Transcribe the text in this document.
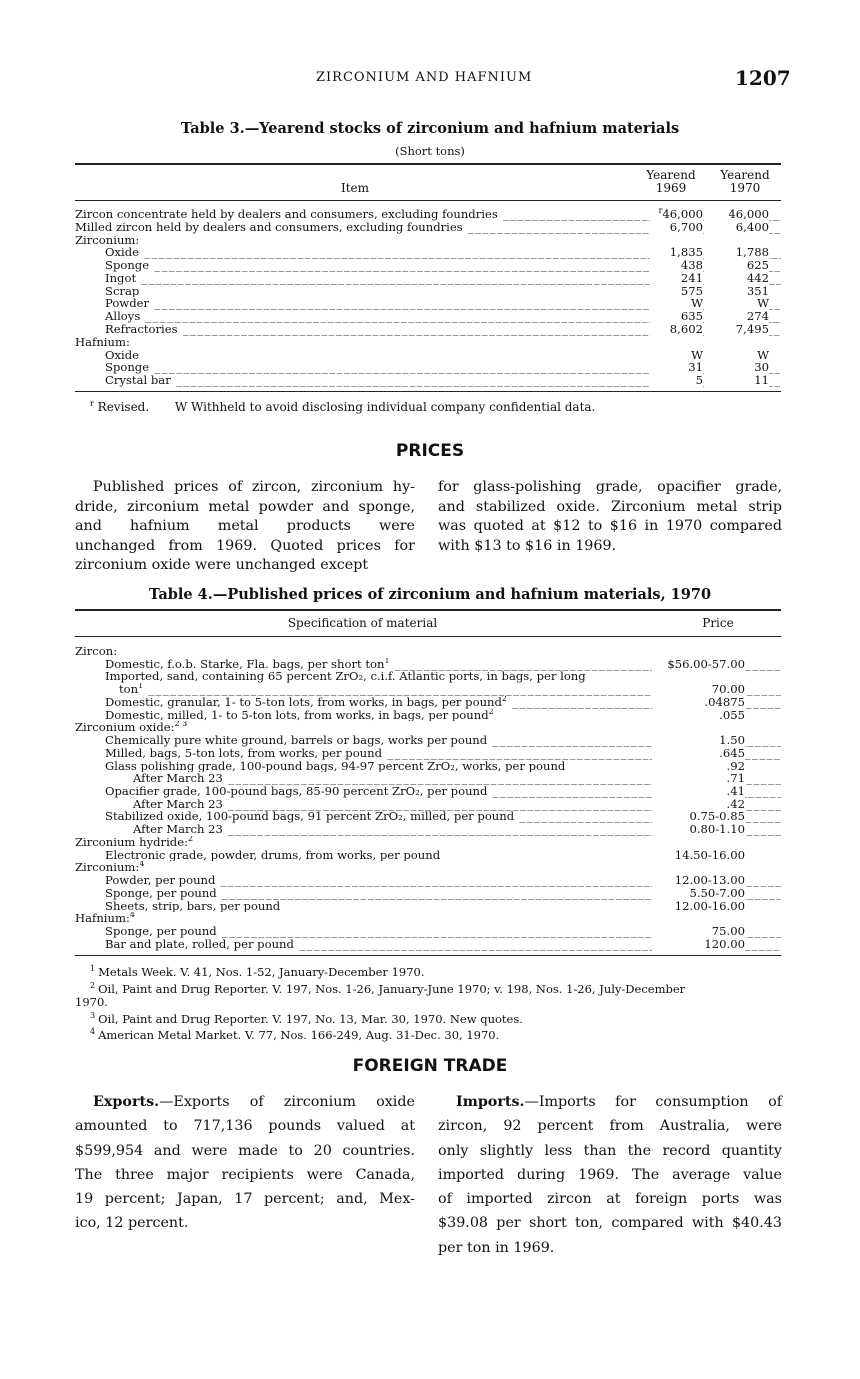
ZIRCONIUM AND HAFNIUM	1207
Table 3.—Yearend stocks of zirconium and hafnium materials
(Short tons)
Item
Yearend
1969
Yearend
1970
Zircon concentrate held by dealers and consumers, excluding foundries _____	$^r$46,000	46,000
Milled zircon held by dealers and consumers, excluding foundries _____	6,700	6,400
Zirconium:
Oxide _____	1,835	1,788
Sponge _____	438	625
Ingot _____	241	442
Scrap _____	575	351
Powder _____	W	W
Alloys _____	635	274
Refractories _____	8,602	7,495
Hafnium:
Oxide _____	W	W
Sponge _____	31	30
Crystal bar _____	5	11
$^r$ Revised. W Withheld to avoid disclosing individual company confidential data.
PRICES
Published prices of zircon, zirconium hy-
dride, zirconium metal powder and sponge,
and hafnium metal products were
unchanged from 1969. Quoted prices for
zirconium oxide were unchanged except
for glass-polishing grade, opacifier grade,
and stabilized oxide. Zirconium metal strip
was quoted at $12 to $16 in 1970 compared
with $13 to $16 in 1969.
Table 4.—Published prices of zirconium and hafnium materials, 1970
Specification of material	Price
Zircon:
Domestic, f.o.b. Starke, Fla. bags, per short ton$^1$ _____	$56.00-57.00
Imported, sand, containing 65 percent ZrO₂, c.i.f. Atlantic ports, in bags, per long
ton$^1$ _____	70.00
Domestic, granular, 1- to 5-ton lots, from works, in bags, per pound$^2$ _____	.04875
Domestic, milled, 1- to 5-ton lots, from works, in bags, per pound$^2$ _____	.055
Zirconium oxide:$^{2 3}$
Chemically pure white ground, barrels or bags, works per pound _____	1.50
Milled, bags, 5-ton lots, from works, per pound _____	.645
Glass polishing grade, 100-pound bags, 94-97 percent ZrO₂, works, per pound _____	.92
After March 23 _____	.71
Opacifier grade, 100-pound bags, 85-90 percent ZrO₂, per pound _____	.41
After March 23 _____	.42
Stabilized oxide, 100-pound bags, 91 percent ZrO₂, milled, per pound _____	0.75-0.85
After March 23 _____	0.80-1.10
Zirconium hydride:$^2$
Electronic grade, powder, drums, from works, per pound _____	14.50-16.00
Zirconium:$^4$
Powder, per pound _____	12.00-13.00
Sponge, per pound _____	5.50-7.00
Sheets, strip, bars, per pound _____	12.00-16.00
Hafnium:$^4$
Sponge, per pound _____	75.00
Bar and plate, rolled, per pound _____	120.00
$^1$ Metals Week. V. 41, Nos. 1-52, January-December 1970.
$^2$ Oil, Paint and Drug Reporter. V. 197, Nos. 1-26, January-June 1970; v. 198, Nos. 1-26, July-December
1970.
$^3$ Oil, Paint and Drug Reporter. V. 197, No. 13, Mar. 30, 1970. New quotes.
$^4$ American Metal Market. V. 77, Nos. 166-249, Aug. 31-Dec. 30, 1970.
FOREIGN TRADE
Exports.—Exports of zirconium oxide
amounted to 717,136 pounds valued at
$599,954 and were made to 20 countries.
The three major recipients were Canada,
19 percent; Japan, 17 percent; and, Mex-
ico, 12 percent.
Imports.—Imports for consumption of
zircon, 92 percent from Australia, were
only slightly less than the record quantity
imported during 1969. The average value
of imported zircon at foreign ports was
$39.08 per short ton, compared with $40.43
per ton in 1969.
